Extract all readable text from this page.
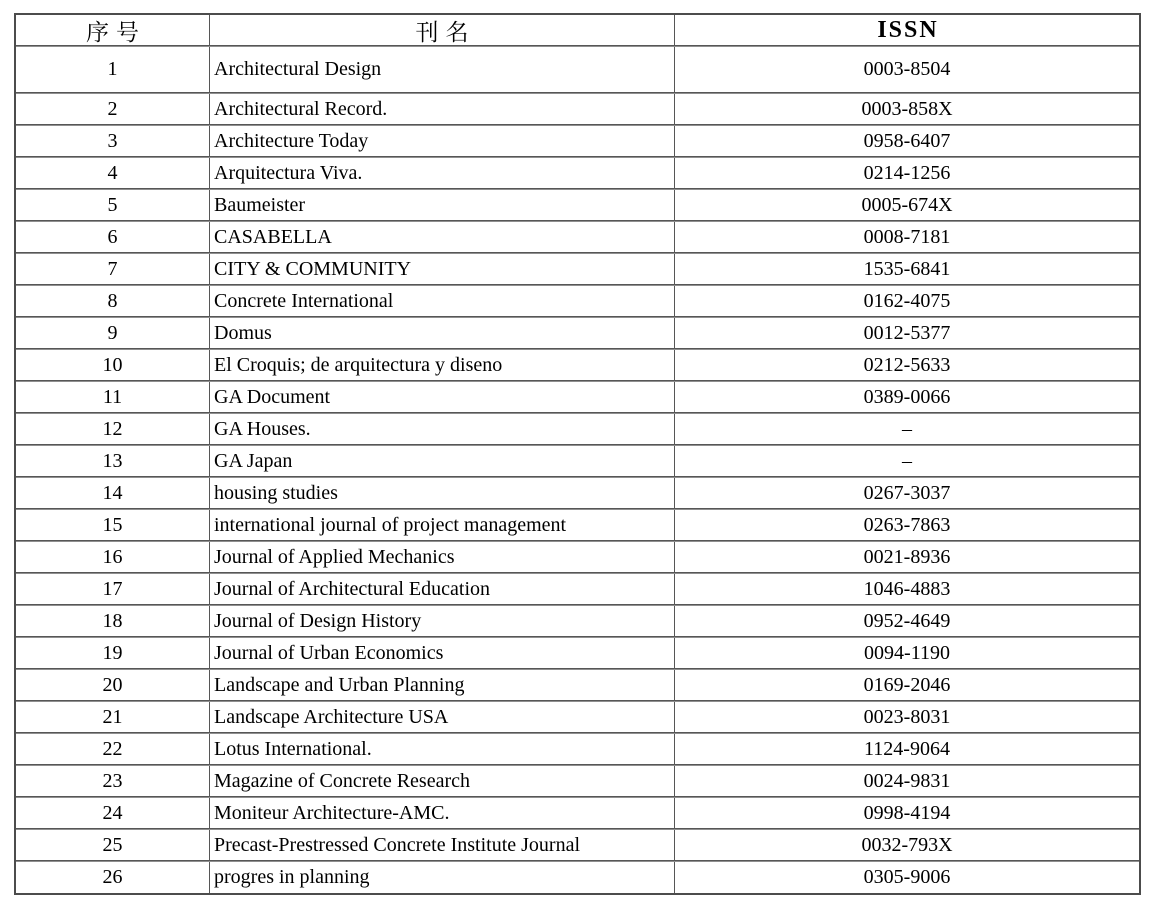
序号	刊名	ISSN
1	Architectural Design	0003-8504
2	Architectural Record.	0003-858X
3	Architecture Today	0958-6407
4	Arquitectura Viva.	0214-1256
5	Baumeister	0005-674X
6	CASABELLA	0008-7181
7	CITY & COMMUNITY	1535-6841
8	Concrete International	0162-4075
9	Domus	0012-5377
10	El Croquis; de arquitectura y diseno	0212-5633
11	GA Document	0389-0066
12	GA Houses.	–
13	GA Japan	–
14	housing studies	0267-3037
15	international journal of project management	0263-7863
16	Journal of Applied Mechanics	0021-8936
17	Journal of Architectural Education	1046-4883
18	Journal of Design History	0952-4649
19	Journal of Urban Economics	0094-1190
20	Landscape and Urban Planning	0169-2046
21	Landscape Architecture USA	0023-8031
22	Lotus International.	1124-9064
23	Magazine of Concrete Research	0024-9831
24	Moniteur Architecture-AMC.	0998-4194
25	Precast-Prestressed Concrete Institute Journal	0032-793X
26	progres in planning	0305-9006
